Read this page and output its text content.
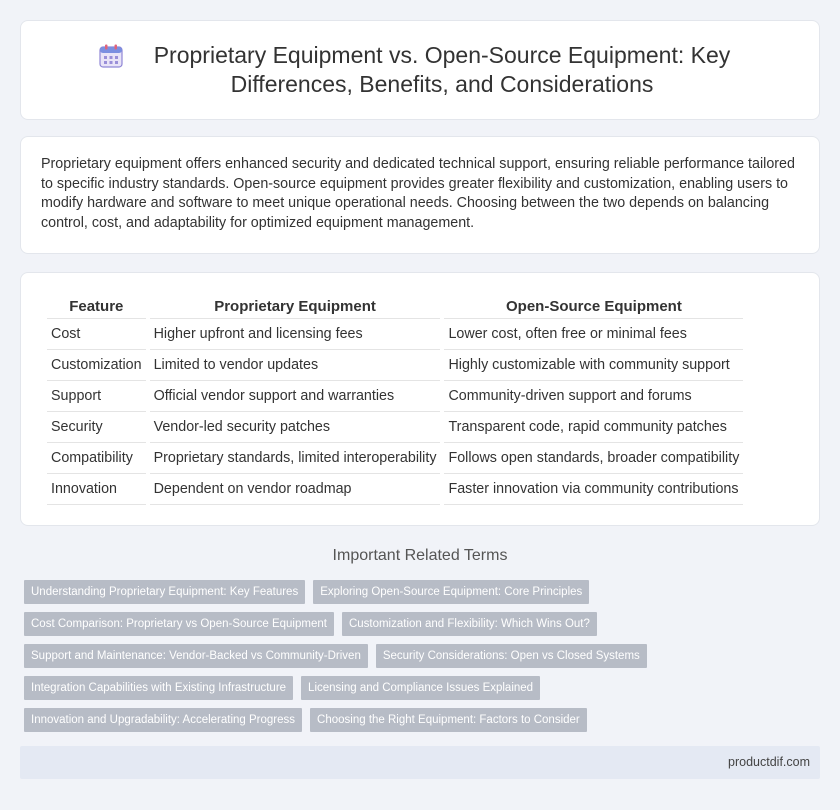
Proprietary Equipment vs. Open-Source Equipment: Key Differences, Benefits, and Considerations

Proprietary equipment offers enhanced security and dedicated technical support, ensuring reliable performance tailored to specific industry standards. Open-source equipment provides greater flexibility and customization, enabling users to modify hardware and software to meet unique operational needs. Choosing between the two depends on balancing control, cost, and adaptability for optimized equipment management.

Feature	Proprietary Equipment	Open-Source Equipment
Cost	Higher upfront and licensing fees	Lower cost, often free or minimal fees
Customization	Limited to vendor updates	Highly customizable with community support
Support	Official vendor support and warranties	Community-driven support and forums
Security	Vendor-led security patches	Transparent code, rapid community patches
Compatibility	Proprietary standards, limited interoperability	Follows open standards, broader compatibility
Innovation	Dependent on vendor roadmap	Faster innovation via community contributions
Important Related Terms
Understanding Proprietary Equipment: Key Features	Exploring Open-Source Equipment: Core Principles
Cost Comparison: Proprietary vs Open-Source Equipment	Customization and Flexibility: Which Wins Out?
Support and Maintenance: Vendor-Backed vs Community-Driven	Security Considerations: Open vs Closed Systems
Integration Capabilities with Existing Infrastructure	Licensing and Compliance Issues Explained
Innovation and Upgradability: Accelerating Progress	Choosing the Right Equipment: Factors to Consider
productdif.com
